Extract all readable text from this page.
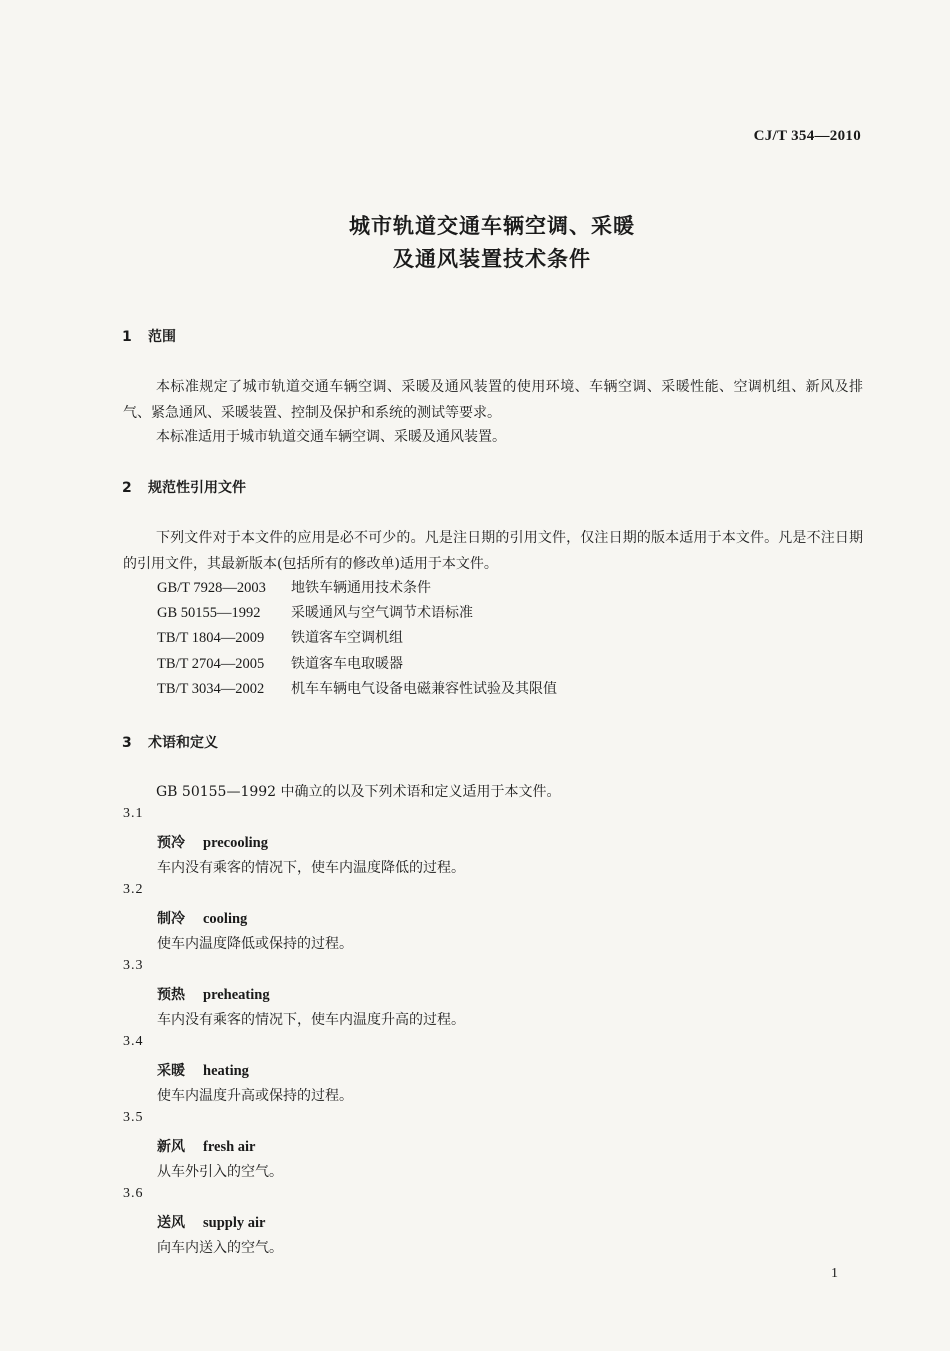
CJ/T 354—2010
城市轨道交通车辆空调、采暖
及通风装置技术条件
1 范围
本标准规定了城市轨道交通车辆空调、采暖及通风装置的使用环境、车辆空调、采暖性能、空调机组、新风及排气、紧急通风、采暖装置、控制及保护和系统的测试等要求。
本标准适用于城市轨道交通车辆空调、采暖及通风装置。
2 规范性引用文件
下列文件对于本文件的应用是必不可少的。凡是注日期的引用文件，仅注日期的版本适用于本文件。凡是不注日期的引用文件，其最新版本(包括所有的修改单)适用于本文件。
GB/T 7928—2003 地铁车辆通用技术条件
GB 50155—1992 采暖通风与空气调节术语标准
TB/T 1804—2009 铁道客车空调机组
TB/T 2704—2005 铁道客车电取暖器
TB/T 3034—2002 机车车辆电气设备电磁兼容性试验及其限值
3 术语和定义
GB 50155—1992 中确立的以及下列术语和定义适用于本文件。
3.1
预冷 precooling
车内没有乘客的情况下，使车内温度降低的过程。
3.2
制冷 cooling
使车内温度降低或保持的过程。
3.3
预热 preheating
车内没有乘客的情况下，使车内温度升高的过程。
3.4
采暖 heating
使车内温度升高或保持的过程。
3.5
新风 fresh air
从车外引入的空气。
3.6
送风 supply air
向车内送入的空气。
1
